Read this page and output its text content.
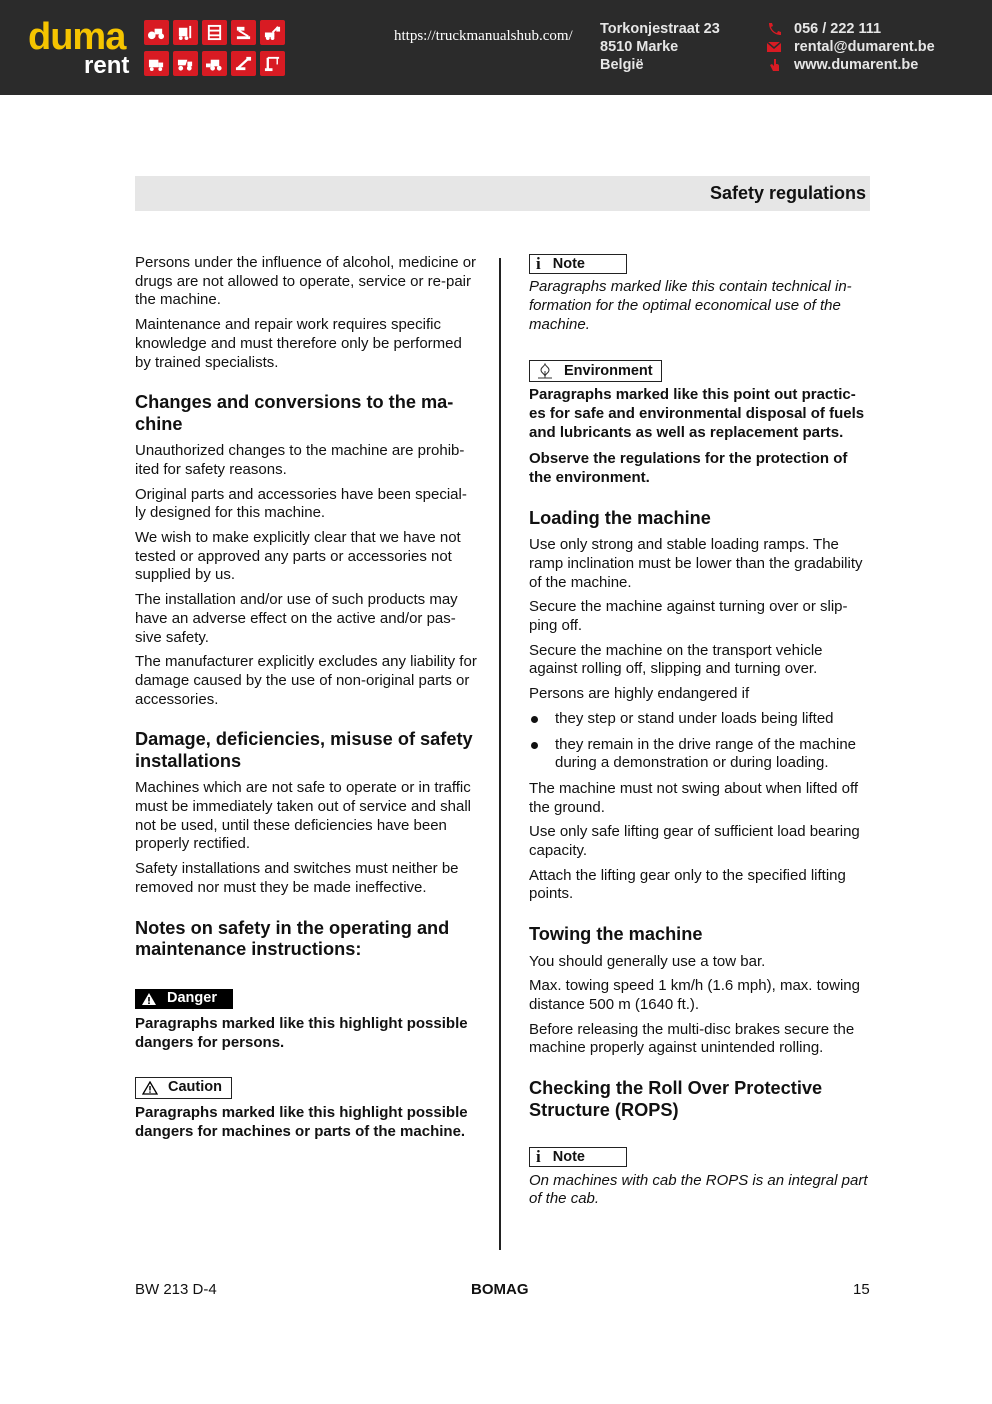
duma
rent
https://truckmanualshub.com/ Torkonjestraat 23
8510 Marke
België
056 / 222 111
rental@dumarent.be
www.dumarent.be
Safety regulations

Persons under the influence of alcohol, medicine or drugs are not allowed to operate, service or re-pair the machine.

Maintenance and repair work requires specific knowledge and must therefore only be performed by trained specialists.

Changes and conversions to the ma-chine

Unauthorized changes to the machine are prohib-ited for safety reasons.

Original parts and accessories have been special-ly designed for this machine.

We wish to make explicitly clear that we have not tested or approved any parts or accessories not supplied by us.

The installation and/or use of such products may have an adverse effect on the active and/or pas-sive safety.

The manufacturer explicitly excludes any liability for damage caused by the use of non-original parts or accessories.

Damage, deficiencies, misuse of safety installations

Machines which are not safe to operate or in traffic must be immediately taken out of service and shall not be used, until these deficiencies have been properly rectified.

Safety installations and switches must neither be removed nor must they be made ineffective.

Notes on safety in the operating and maintenance instructions:
Danger

Paragraphs marked like this highlight possible dangers for persons.

Caution

Paragraphs marked like this highlight possible dangers for machines or parts of the machine.

i Note

Paragraphs marked like this contain technical in-formation for the optimal economical use of the machine.

Environment

Paragraphs marked like this point out practic-es for safe and environmental disposal of fuels and lubricants as well as replacement parts.

Observe the regulations for the protection of the environment.

Loading the machine

Use only strong and stable loading ramps. The ramp inclination must be lower than the gradability of the machine.

Secure the machine against turning over or slip-ping off.

Secure the machine on the transport vehicle against rolling off, slipping and turning over.

Persons are highly endangered if

they step or stand under loads being lifted
they remain in the drive range of the machine during a demonstration or during loading.

The machine must not swing about when lifted off the ground.

Use only safe lifting gear of sufficient load bearing capacity.

Attach the lifting gear only to the specified lifting points.

Towing the machine

You should generally use a tow bar.

Max. towing speed 1 km/h (1.6 mph), max. towing distance 500 m (1640 ft.).

Before releasing the multi-disc brakes secure the machine properly against unintended rolling.

Checking the Roll Over Protective Structure (ROPS)
i Note

On machines with cab the ROPS is an integral part of the cab.

BW 213 D-4	BOMAG	15
